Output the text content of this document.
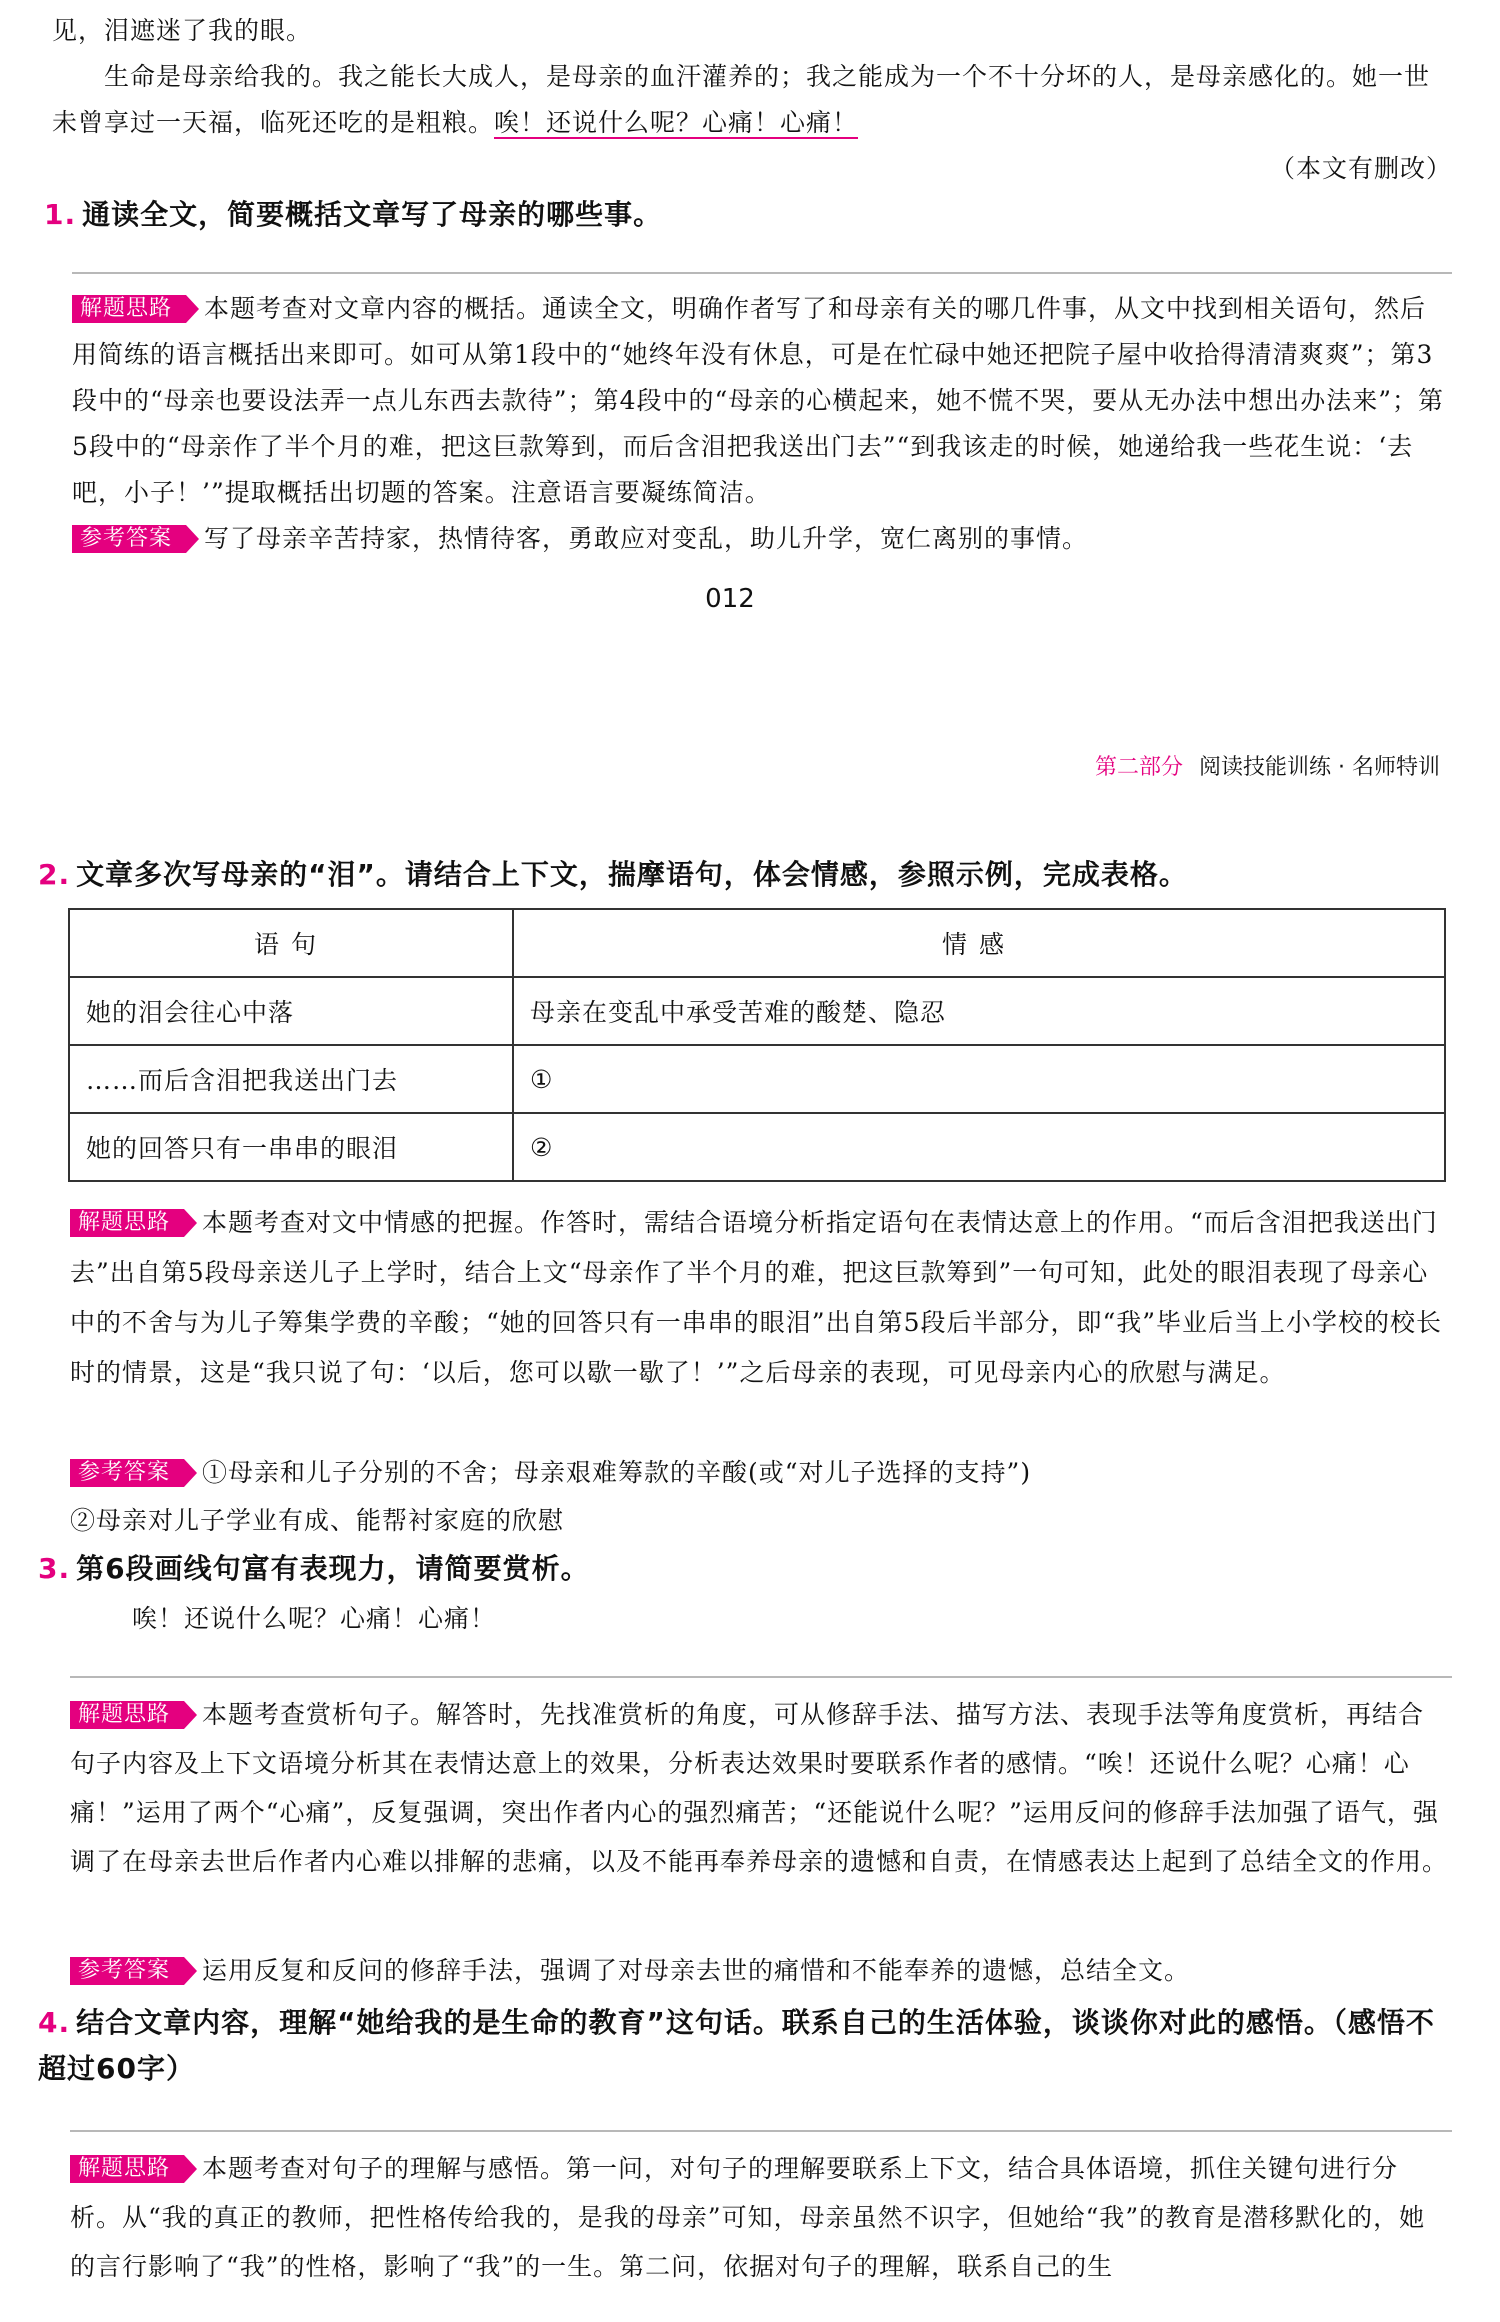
见，泪遮迷了我的眼。
生命是母亲给我的。我之能长大成人，是母亲的血汗灌养的；我之能成为一个不十分坏的人，是母亲感化的。她一世未曾享过一天福，临死还吃的是粗粮。唉！还说什么呢？心痛！心痛！
（本文有删改）
1. 通读全文，简要概括文章写了母亲的哪些事。
解题思路 本题考查对文章内容的概括。通读全文，明确作者写了和母亲有关的哪几件事，从文中找到相关语句，然后用简练的语言概括出来即可。如可从第1段中的“她终年没有休息，可是在忙碌中她还把院子屋中收拾得清清爽爽”；第3段中的“母亲也要设法弄一点儿东西去款待”；第4段中的“母亲的心横起来，她不慌不哭，要从无办法中想出办法来”；第5段中的“母亲作了半个月的难，把这巨款筹到，而后含泪把我送出门去”“到我该走的时候，她递给我一些花生说：‘去吧，小子！’”提取概括出切题的答案。注意语言要凝练简洁。
参考答案 写了母亲辛苦持家，热情待客，勇敢应对变乱，助儿升学，宽仁离别的事情。
012
第二部分 阅读技能训练 · 名师特训
2. 文章多次写母亲的“泪”。请结合上下文，揣摩语句，体会情感，参照示例，完成表格。
语句	情感
她的泪会往心中落	母亲在变乱中承受苦难的酸楚、隐忍
……而后含泪把我送出门去	①
她的回答只有一串串的眼泪	②
解题思路 本题考查对文中情感的把握。作答时，需结合语境分析指定语句在表情达意上的作用。“而后含泪把我送出门去”出自第5段母亲送儿子上学时，结合上文“母亲作了半个月的难，把这巨款筹到”一句可知，此处的眼泪表现了母亲心中的不舍与为儿子筹集学费的辛酸；“她的回答只有一串串的眼泪”出自第5段后半部分，即“我”毕业后当上小学校的校长时的情景，这是“我只说了句：‘以后，您可以歇一歇了！’”之后母亲的表现，可见母亲内心的欣慰与满足。
参考答案 ①母亲和儿子分别的不舍；母亲艰难筹款的辛酸(或“对儿子选择的支持”)
②母亲对儿子学业有成、能帮衬家庭的欣慰
3. 第6段画线句富有表现力，请简要赏析。
唉！还说什么呢？心痛！心痛！
解题思路 本题考查赏析句子。解答时，先找准赏析的角度，可从修辞手法、描写方法、表现手法等角度赏析，再结合句子内容及上下文语境分析其在表情达意上的效果，分析表达效果时要联系作者的感情。“唉！还说什么呢？心痛！心痛！”运用了两个“心痛”，反复强调，突出作者内心的强烈痛苦；“还能说什么呢？”运用反问的修辞手法加强了语气，强调了在母亲去世后作者内心难以排解的悲痛，以及不能再奉养母亲的遗憾和自责，在情感表达上起到了总结全文的作用。
参考答案 运用反复和反问的修辞手法，强调了对母亲去世的痛惜和不能奉养的遗憾，总结全文。
4. 结合文章内容，理解“她给我的是生命的教育”这句话。联系自己的生活体验，谈谈你对此的感悟。（感悟不超过60字）
解题思路 本题考查对句子的理解与感悟。第一问，对句子的理解要联系上下文，结合具体语境，抓住关键句进行分析。从“我的真正的教师，把性格传给我的，是我的母亲”可知，母亲虽然不识字，但她给“我”的教育是潜移默化的，她的言行影响了“我”的性格，影响了“我”的一生。第二问，依据对句子的理解，联系自己的生
